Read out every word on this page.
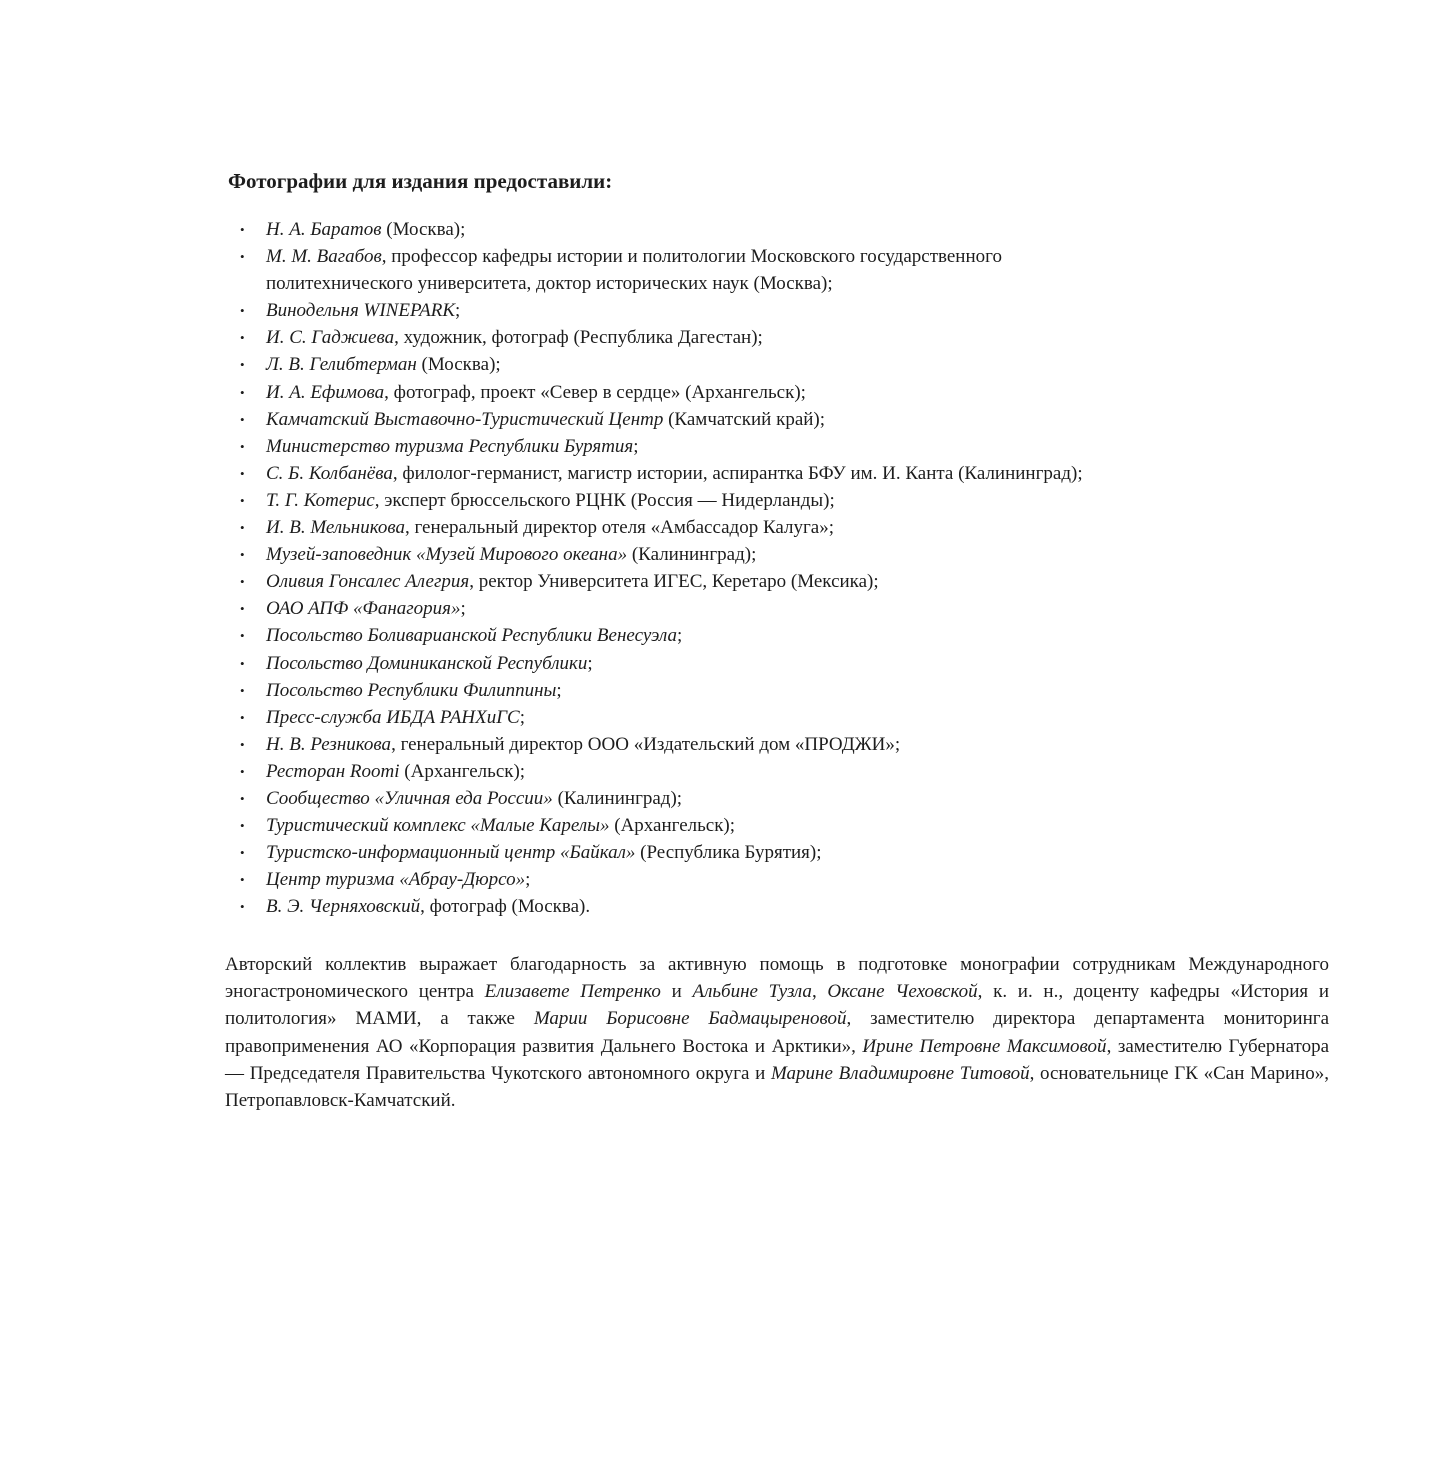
Фотографии для издания предоставили:
• Н. А. Баратов (Москва);
• М. М. Вагабов, профессор кафедры истории и политологии Московского государственного политехнического университета, доктор исторических наук (Москва);
• Винодельня WINEPARK;
• И. С. Гаджиева, художник, фотограф (Республика Дагестан);
• Л. В. Гелибтерман (Москва);
• И. А. Ефимова, фотограф, проект «Север в сердце» (Архангельск);
• Камчатский Выставочно-Туристический Центр (Камчатский край);
• Министерство туризма Республики Бурятия;
• С. Б. Колбанёва, филолог-германист, магистр истории, аспирантка БФУ им. И. Канта (Калининград);
• Т. Г. Котерис, эксперт брюссельского РЦНК (Россия — Нидерланды);
• И. В. Мельникова, генеральный директор отеля «Амбассадор Калуга»;
• Музей-заповедник «Музей Мирового океана» (Калининград);
• Оливия Гонсалес Алегрия, ректор Университета ИГЕС, Керетаро (Мексика);
• ОАО АПФ «Фанагория»;
• Посольство Боливарианской Республики Венесуэла;
• Посольство Доминиканской Республики;
• Посольство Республики Филиппины;
• Пресс-служба ИБДА РАНХиГС;
• Н. В. Резникова, генеральный директор ООО «Издательский дом «ПРОДЖИ»;
• Ресторан Roomi (Архангельск);
• Сообщество «Уличная еда России» (Калининград);
• Туристический комплекс «Малые Карелы» (Архангельск);
• Туристско-информационный центр «Байкал» (Республика Бурятия);
• Центр туризма «Абрау-Дюрсо»;
• В. Э. Черняховский, фотограф (Москва).

Авторский коллектив выражает благодарность за активную помощь в подготовке монографии сотрудникам Международного эногастрономического центра Елизавете Петренко и Альбине Тузла, Оксане Чеховской, к. и. н., доценту кафедры «История и политология» МАМИ, а также Марии Борисовне Бадмацыреновой, заместителю директора департамента мониторинга правоприменения АО «Корпорация развития Дальнего Востока и Арктики», Ирине Петровне Максимовой, заместителю Губернатора — Председателя Правительства Чукотского автономного округа и Марине Владимировне Титовой, основательнице ГК «Сан Марино», Петропавловск-Камчатский.
